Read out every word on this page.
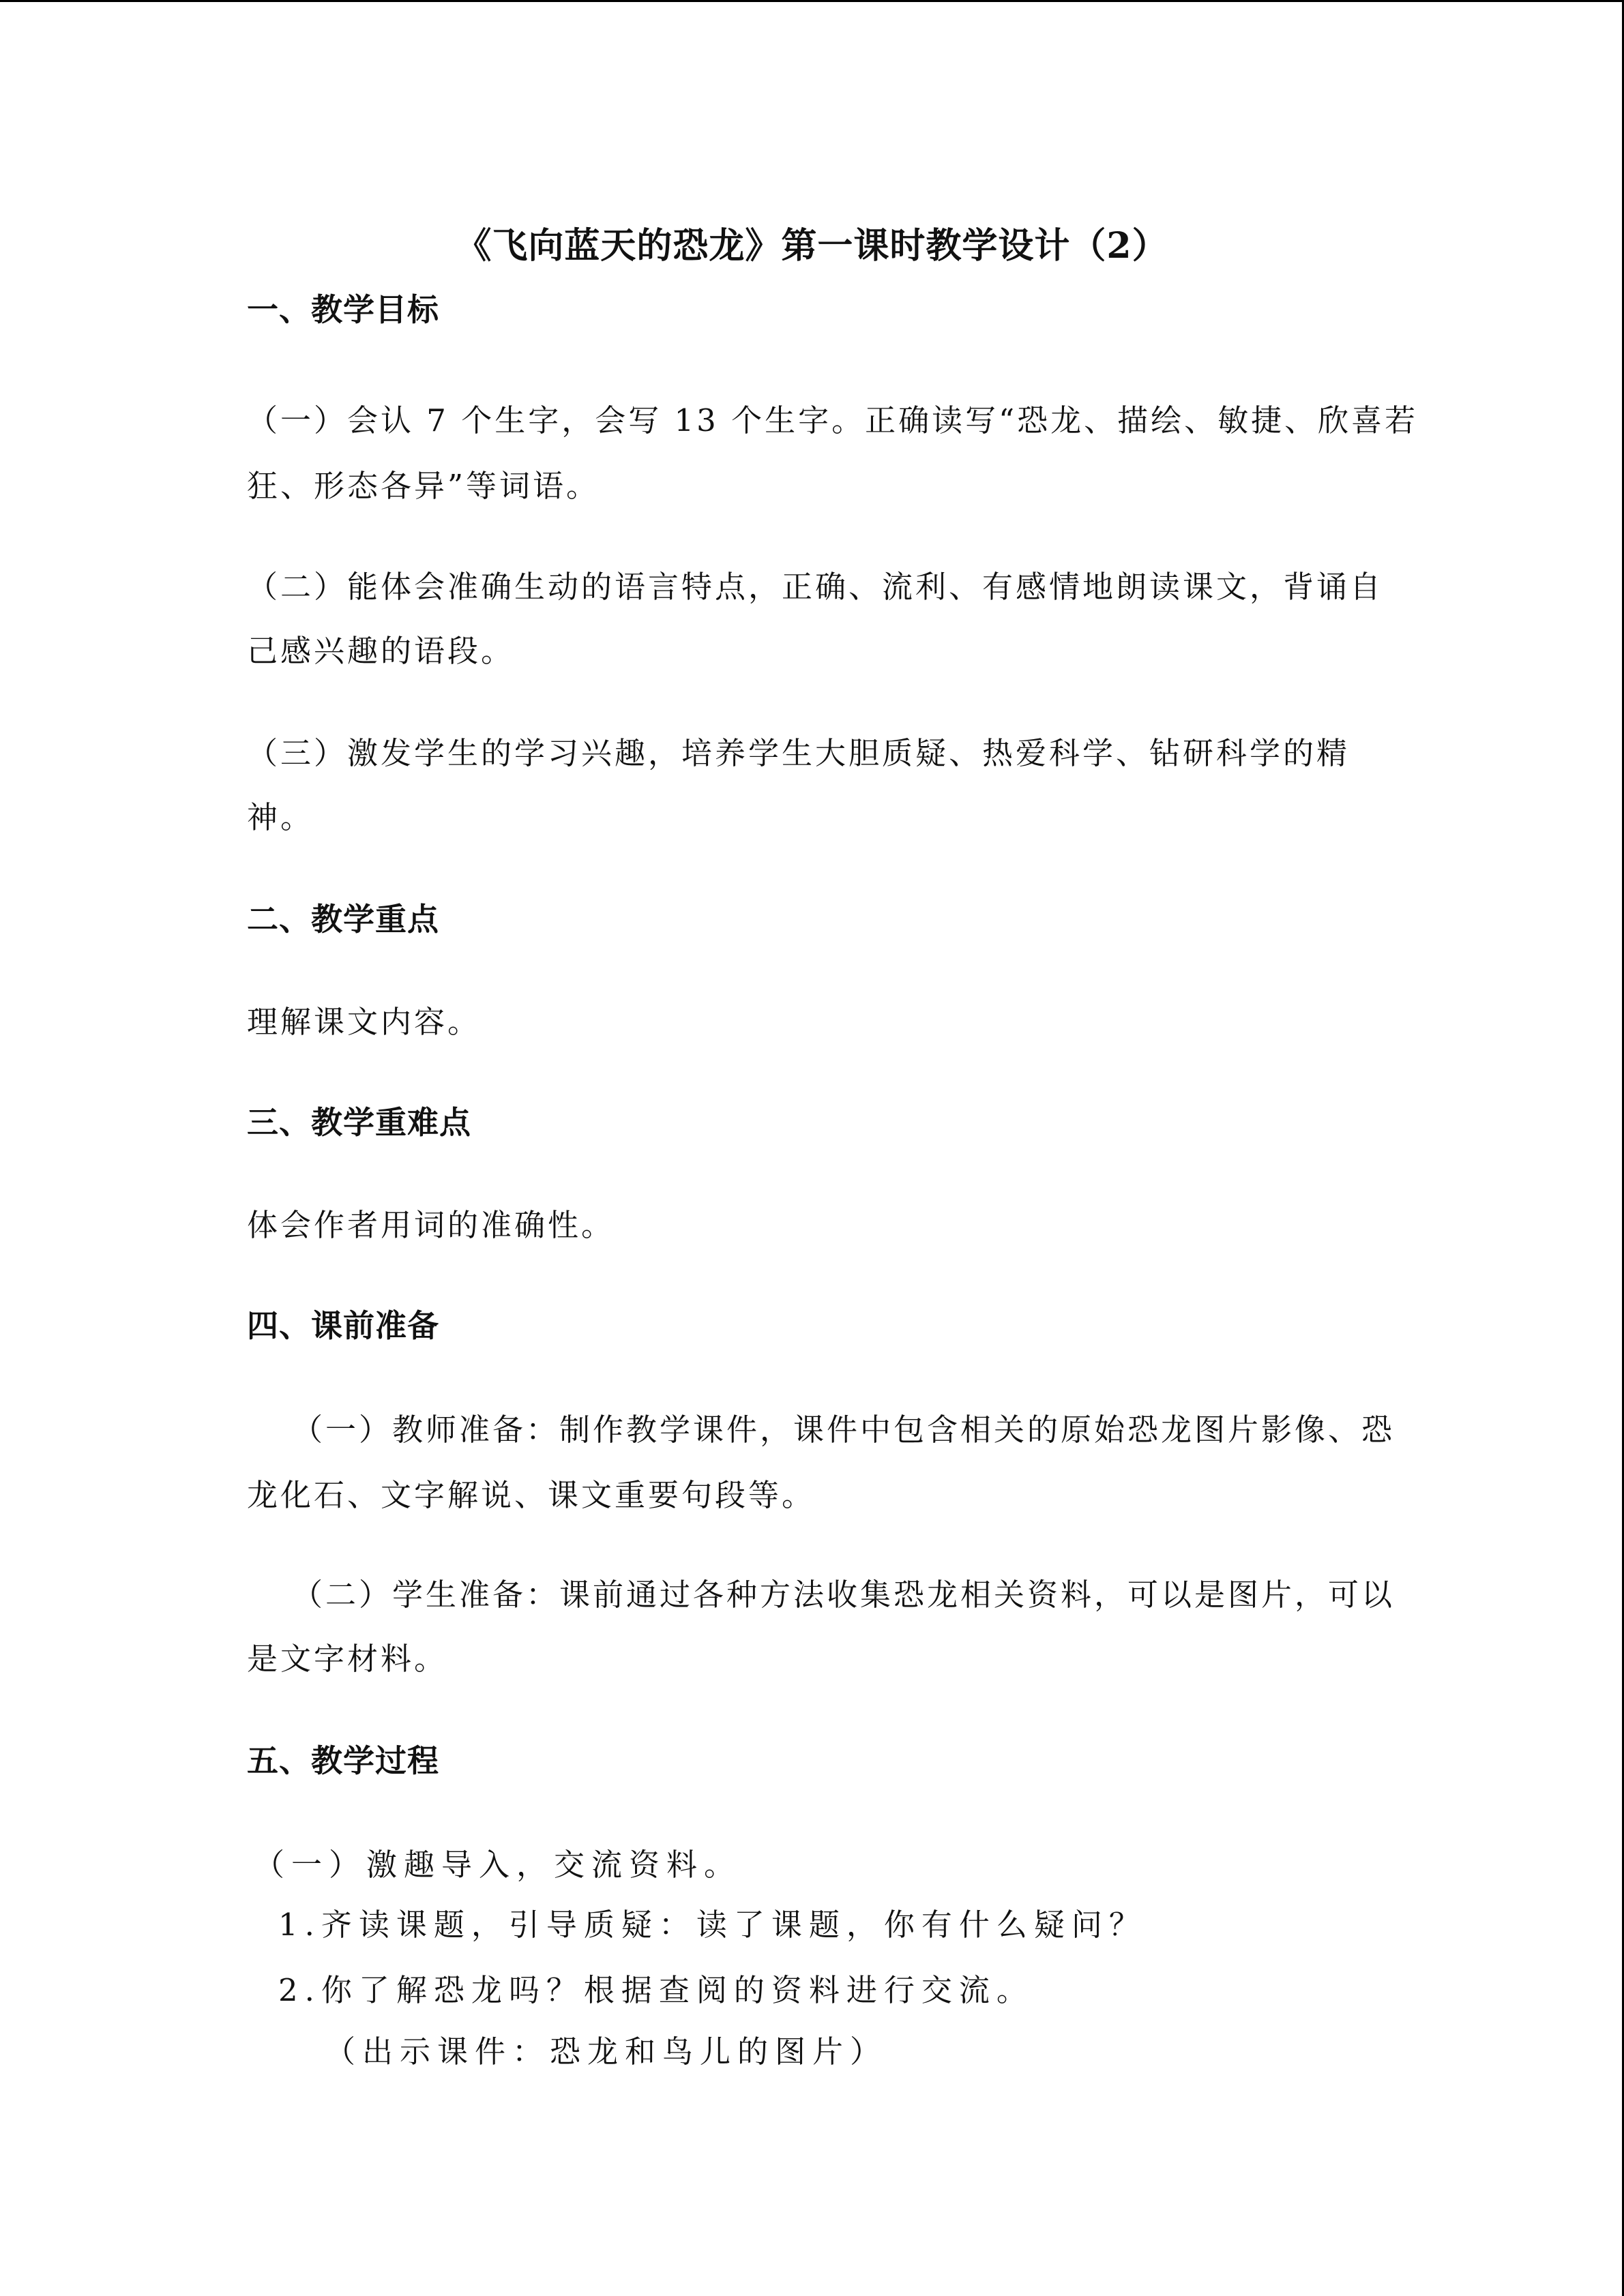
《飞向蓝天的恐龙》第一课时教学设计（2）
一、教学目标
（一）会认 7 个生字，会写 13 个生字。正确读写“恐龙、描绘、敏捷、欣喜若
狂、形态各异”等词语。
（二）能体会准确生动的语言特点，正确、流利、有感情地朗读课文，背诵自
己感兴趣的语段。
（三）激发学生的学习兴趣，培养学生大胆质疑、热爱科学、钻研科学的精
神。
二、教学重点
理解课文内容。
三、教学重难点
体会作者用词的准确性。
四、课前准备
（一）教师准备：制作教学课件，课件中包含相关的原始恐龙图片影像、恐
龙化石、文字解说、课文重要句段等。
（二）学生准备：课前通过各种方法收集恐龙相关资料，可以是图片，可以
是文字材料。
五、教学过程
（一）激趣导入，交流资料。
1.齐读课题，引导质疑：读了课题，你有什么疑问？
2.你了解恐龙吗？根据查阅的资料进行交流。
（出示课件：恐龙和鸟儿的图片）
